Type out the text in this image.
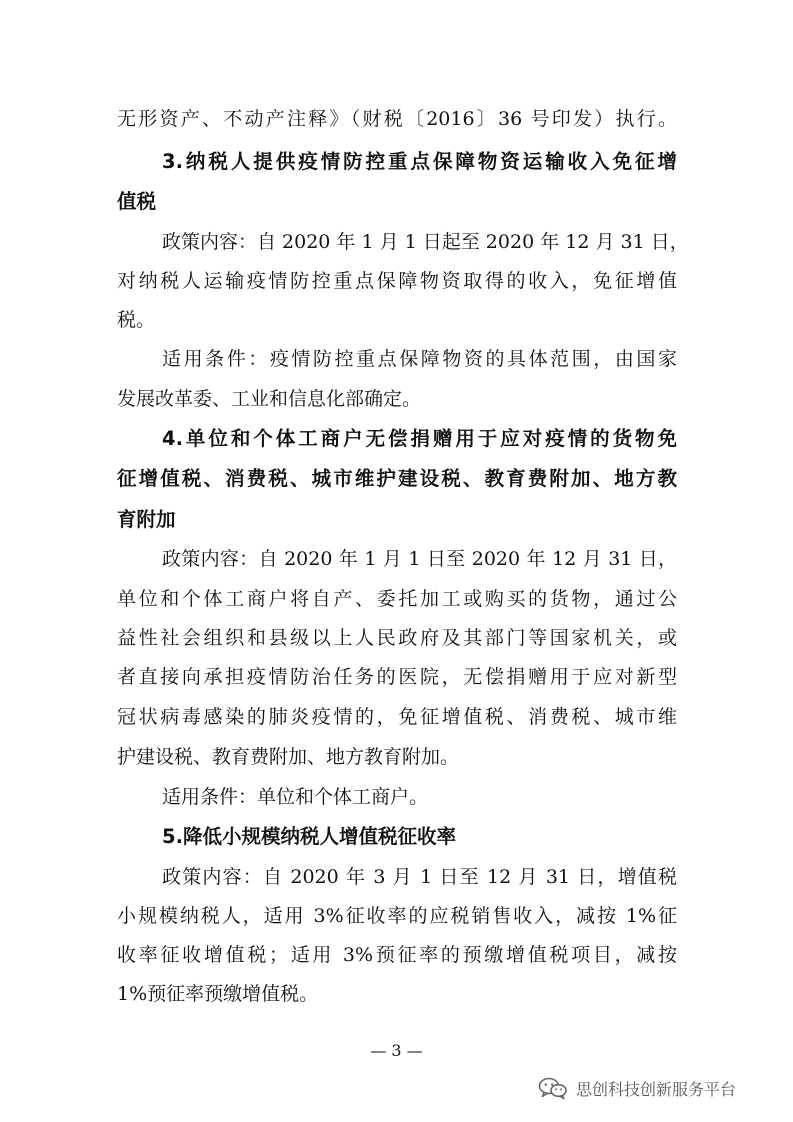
无形资产、不动产注释》（财税〔2016〕36 号印发）执行。
3.纳税人提供疫情防控重点保障物资运输收入免征增
值税
政策内容：自 2020 年 1 月 1 日起至 2020 年 12 月 31 日，
对纳税人运输疫情防控重点保障物资取得的收入，免征增值
税。
适用条件：疫情防控重点保障物资的具体范围，由国家
发展改革委、工业和信息化部确定。
4.单位和个体工商户无偿捐赠用于应对疫情的货物免
征增值税、消费税、城市维护建设税、教育费附加、地方教
育附加
政策内容：自 2020 年 1 月 1 日至 2020 年 12 月 31 日，
单位和个体工商户将自产、委托加工或购买的货物，通过公
益性社会组织和县级以上人民政府及其部门等国家机关，或
者直接向承担疫情防治任务的医院，无偿捐赠用于应对新型
冠状病毒感染的肺炎疫情的，免征增值税、消费税、城市维
护建设税、教育费附加、地方教育附加。
适用条件：单位和个体工商户。
5.降低小规模纳税人增值税征收率
政策内容：自 2020 年 3 月 1 日至 12 月 31 日，增值税
小规模纳税人，适用 3%征收率的应税销售收入，减按 1%征
收率征收增值税；适用 3%预征率的预缴增值税项目，减按
1%预征率预缴增值税。
— 3 —
思创科技创新服务平台
